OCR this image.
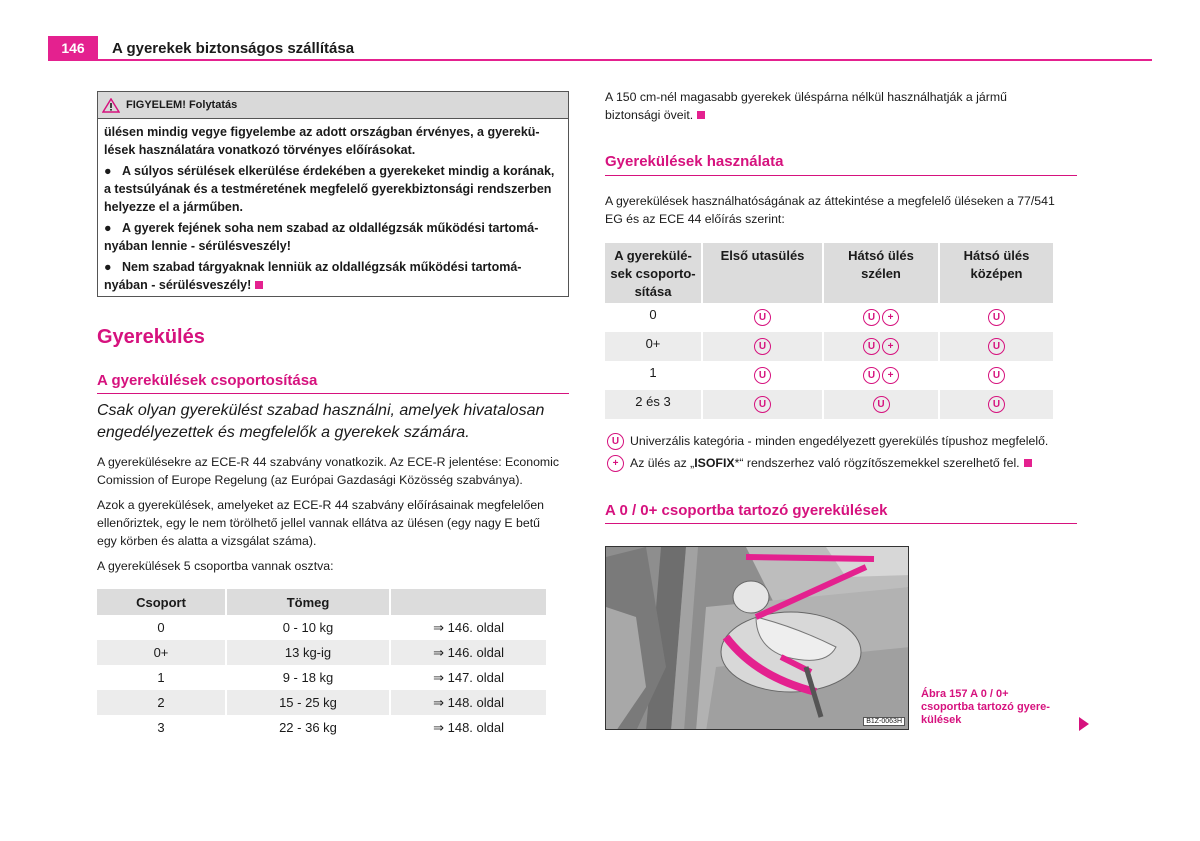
146	A gyerekek biztonságos szállítása
FIGYELEM! Folytatás

ülésen mindig vegye figyelembe az adott országban érvényes, a gyerekü-
lések használatára vonatkozó törvényes előírásokat.

● A súlyos sérülések elkerülése érdekében a gyerekeket mindig a korának,
a testsúlyának és a testméretének megfelelő gyerekbiztonsági rendszerben
helyezze el a járműben.

● A gyerek fejének soha nem szabad az oldallégzsák működési tartomá-
nyában lennie - sérülésveszély!

● Nem szabad tárgyaknak lenniük az oldallégzsák működési tartomá-
nyában - sérülésveszély!

Gyerekülés
A gyerekülések csoportosítása
Csak olyan gyerekülést szabad használni, amelyek hivatalosan
engedélyezettek és megfelelők a gyerekek számára.
A gyerekülésekre az ECE-R 44 szabvány vonatkozik. Az ECE-R jelentése: Economic
Comission of Europe Regelung (az Európai Gazdasági Közösség szabványa).
Azok a gyerekülések, amelyeket az ECE-R 44 szabvány előírásainak megfelelően
ellenőriztek, egy le nem törölhető jellel vannak ellátva az ülésen (egy nagy E betű
egy körben és alatta a vizsgálat száma).
A gyerekülések 5 csoportba vannak osztva:
Csoport	Tömeg	
0	0 - 10 kg	⇒ 146. oldal
0+	13 kg-ig	⇒ 146. oldal
1	9 - 18 kg	⇒ 147. oldal
2	15 - 25 kg	⇒ 148. oldal
3	22 - 36 kg	⇒ 148. oldal
A 150 cm-nél magasabb gyerekek üléspárna nélkül használhatják a jármű
biztonsági öveit.
Gyerekülések használata
A gyerekülések használhatóságának az áttekintése a megfelelő üléseken a 77/541
EG és az ECE 44 előírás szerint:
A gyerekülé-
sek csoporto-
sítása	Első utasülés	Hátsó ülés
szélen	Hátsó ülés
középen
0	U	U +	U
0+	U	U +	U
1	U	U +	U
2 és 3	U	U	U
U Univerzális kategória - minden engedélyezett gyerekülés típushoz megfelelő.
+ Az ülés az „ISOFIX*“ rendszerhez való rögzítőszemekkel szerelhető fel.
A 0 / 0+ csoportba tartozó gyerekülések
B1Z-0063H
Ábra 157 A 0 / 0+
csoportba tartozó gyere-
külések
